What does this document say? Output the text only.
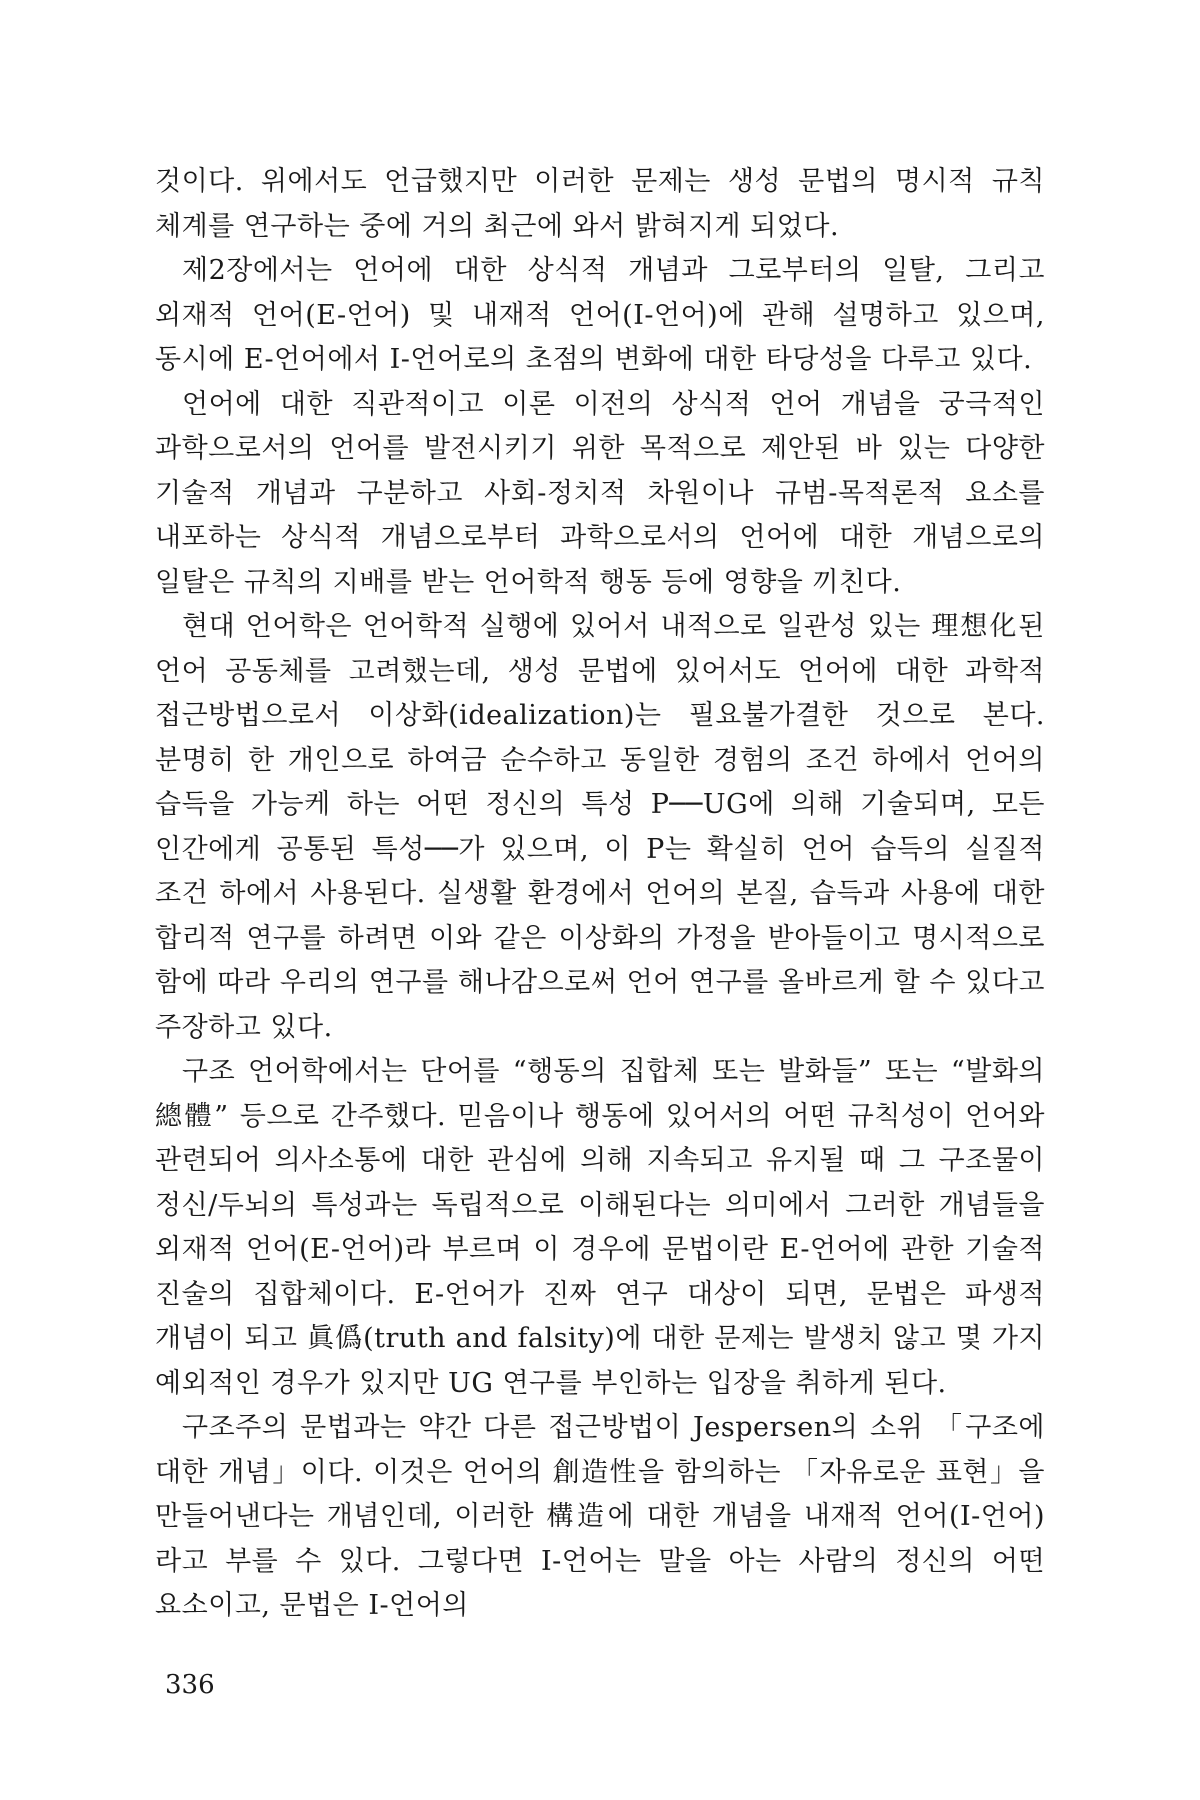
것이다. 위에서도 언급했지만 이러한 문제는 생성 문법의 명시적 규칙 체계를 연구하는 중에 거의 최근에 와서 밝혀지게 되었다.

제2장에서는 언어에 대한 상식적 개념과 그로부터의 일탈, 그리고 외재적 언어(E-언어) 및 내재적 언어(I-언어)에 관해 설명하고 있으며, 동시에 E-언어에서 I-언어로의 초점의 변화에 대한 타당성을 다루고 있다.

언어에 대한 직관적이고 이론 이전의 상식적 언어 개념을 궁극적인 과학으로서의 언어를 발전시키기 위한 목적으로 제안된 바 있는 다양한 기술적 개념과 구분하고 사회-정치적 차원이나 규범-목적론적 요소를 내포하는 상식적 개념으로부터 과학으로서의 언어에 대한 개념으로의 일탈은 규칙의 지배를 받는 언어학적 행동 등에 영향을 끼친다.

현대 언어학은 언어학적 실행에 있어서 내적으로 일관성 있는 理想化된 언어 공동체를 고려했는데, 생성 문법에 있어서도 언어에 대한 과학적 접근방법으로서 이상화(idealization)는 필요불가결한 것으로 본다. 분명히 한 개인으로 하여금 순수하고 동일한 경험의 조건 하에서 언어의 습득을 가능케 하는 어떤 정신의 특성 P──UG에 의해 기술되며, 모든 인간에게 공통된 특성──가 있으며, 이 P는 확실히 언어 습득의 실질적 조건 하에서 사용된다. 실생활 환경에서 언어의 본질, 습득과 사용에 대한 합리적 연구를 하려면 이와 같은 이상화의 가정을 받아들이고 명시적으로 함에 따라 우리의 연구를 해나감으로써 언어 연구를 올바르게 할 수 있다고 주장하고 있다.

구조 언어학에서는 단어를 “행동의 집합체 또는 발화들” 또는 “발화의 總體” 등으로 간주했다. 믿음이나 행동에 있어서의 어떤 규칙성이 언어와 관련되어 의사소통에 대한 관심에 의해 지속되고 유지될 때 그 구조물이 정신/두뇌의 특성과는 독립적으로 이해된다는 의미에서 그러한 개념들을 외재적 언어(E-언어)라 부르며 이 경우에 문법이란 E-언어에 관한 기술적 진술의 집합체이다. E-언어가 진짜 연구 대상이 되면, 문법은 파생적 개념이 되고 眞僞(truth and falsity)에 대한 문제는 발생치 않고 몇 가지 예외적인 경우가 있지만 UG 연구를 부인하는 입장을 취하게 된다.

구조주의 문법과는 약간 다른 접근방법이 Jespersen의 소위 「구조에 대한 개념」이다. 이것은 언어의 創造性을 함의하는 「자유로운 표현」을 만들어낸다는 개념인데, 이러한 構造에 대한 개념을 내재적 언어(I-언어)라고 부를 수 있다. 그렇다면 I-언어는 말을 아는 사람의 정신의 어떤 요소이고, 문법은 I-언어의

336
